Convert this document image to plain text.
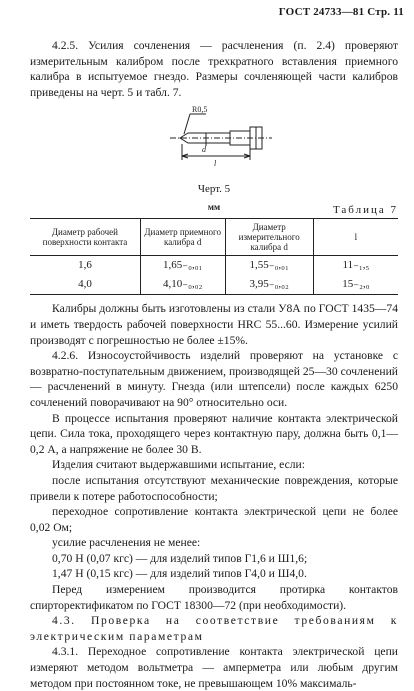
ГОСТ 24733—81 Стр. 11

4.2.5. Усилия сочленения — расчленения (п. 2.4) проверяют измерительным калибром после трехкратного вставления приемного калибра в испытуемое гнездо. Размеры сочленяющей части калибров приведены на черт. 5 и табл. 7.

R0,5
d
l
Черт. 5
мм	Таблица 7
Диаметр рабочей поверхности контакта	Диаметр приемного калибра d	Диаметр измерительного калибра d	l
1,6	1,65₋₀,₀₁	1,55₋₀,₀₁	11₋₁,₅
4,0	4,10₋₀,₀₂	3,95₋₀,₀₂	15₋₂,₀

Калибры должны быть изготовлены из стали У8А по ГОСТ 1435—74 и иметь твердость рабочей поверхности HRC 55...60. Измерение усилий производят с погрешностью не более ±15%.

4.2.6. Износоустойчивость изделий проверяют на установке с возвратно-поступательным движением, производящей 25—30 сочленений — расчленений в минуту. Гнезда (или штепсели) после каждых 6250 сочленений поворачивают на 90° относительно оси.

В процессе испытания проверяют наличие контакта электрической цепи. Сила тока, проходящего через контактную пару, должна быть 0,1—0,2 А, а напряжение не более 30 В.

Изделия считают выдержавшими испытание, если:

после испытания отсутствуют механические повреждения, которые привели к потере работоспособности;

переходное сопротивление контакта электрической цепи не более 0,02 Ом;

усилие расчленения не менее:

0,70 Н (0,07 кгс) — для изделий типов Г1,6 и Ш1,6;

1,47 Н (0,15 кгс) — для изделий типов Г4,0 и Ш4,0.

Перед измерением производится протирка контактов спирторектификатом по ГОСТ 18300—72 (при необходимости).

4.3. Проверка на соответствие требованиям к электрическим параметрам

4.3.1. Переходное сопротивление контакта электрической цепи измеряют методом вольтметра — амперметра или любым другим методом при постоянном токе, не превышающем 10% максималь-
